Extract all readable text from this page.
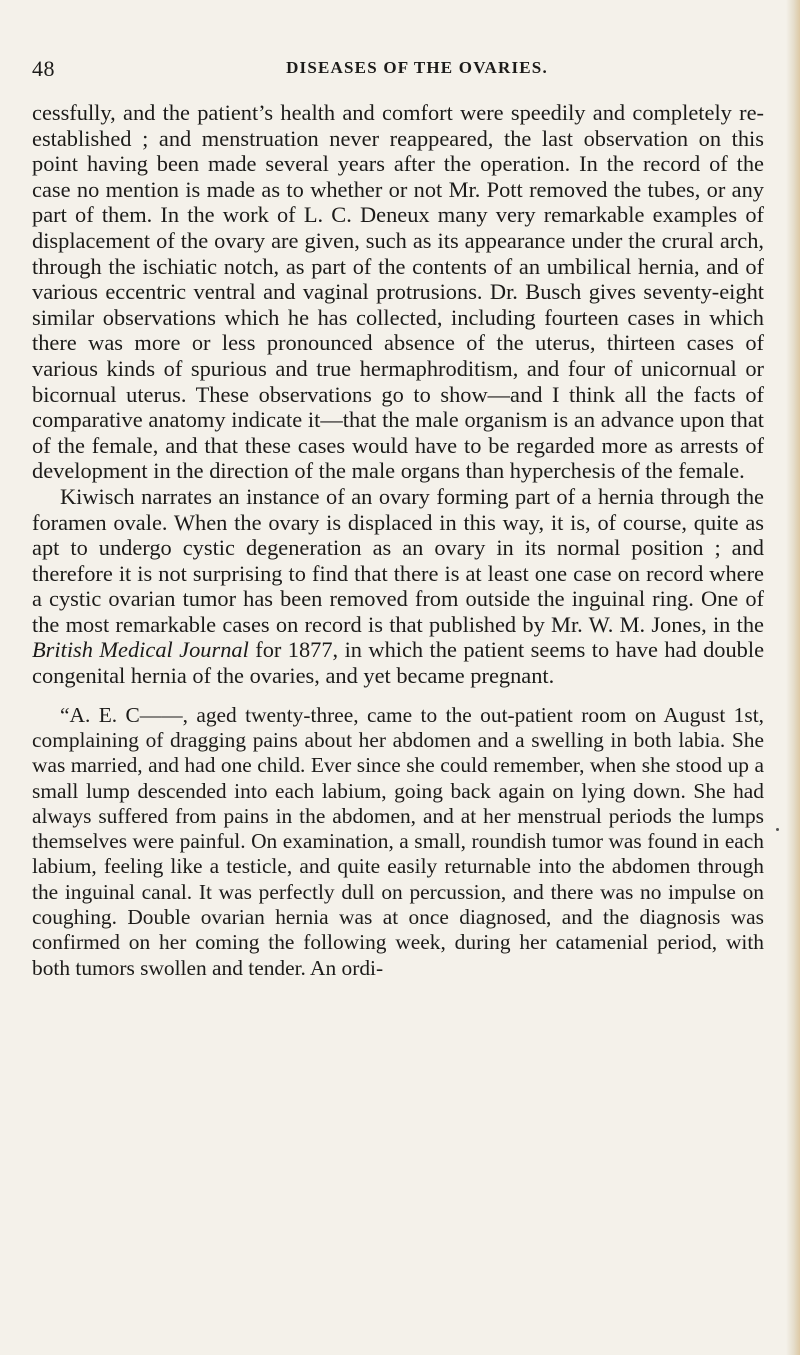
48	DISEASES OF THE OVARIES.

cessfully, and the patient’s health and comfort were speedily and completely re-established ; and menstruation never reappeared, the last observation on this point having been made several years after the operation. In the record of the case no mention is made as to whether or not Mr. Pott removed the tubes, or any part of them. In the work of L. C. Deneux many very remarkable examples of displacement of the ovary are given, such as its appearance under the crural arch, through the ischiatic notch, as part of the contents of an umbilical hernia, and of various eccentric ventral and vaginal protrusions. Dr. Busch gives seventy-eight similar observations which he has collected, including fourteen cases in which there was more or less pronounced absence of the uterus, thirteen cases of various kinds of spurious and true hermaphroditism, and four of unicornual or bicornual uterus. These observations go to show—and I think all the facts of comparative anatomy indicate it—that the male organism is an advance upon that of the female, and that these cases would have to be regarded more as arrests of development in the direction of the male organs than hyperchesis of the female.

Kiwisch narrates an instance of an ovary forming part of a hernia through the foramen ovale. When the ovary is displaced in this way, it is, of course, quite as apt to undergo cystic degeneration as an ovary in its normal position ; and therefore it is not surprising to find that there is at least one case on record where a cystic ovarian tumor has been removed from outside the inguinal ring. One of the most remarkable cases on record is that published by Mr. W. M. Jones, in the British Medical Journal for 1877, in which the patient seems to have had double congenital hernia of the ovaries, and yet became pregnant.

“A. E. C——, aged twenty-three, came to the out-patient room on August 1st, complaining of dragging pains about her abdomen and a swelling in both labia. She was married, and had one child. Ever since she could remember, when she stood up a small lump descended into each labium, going back again on lying down. She had always suffered from pains in the abdomen, and at her menstrual periods the lumps themselves were painful. On examination, a small, roundish tumor was found in each labium, feeling like a testicle, and quite easily returnable into the abdomen through the inguinal canal. It was perfectly dull on percussion, and there was no impulse on coughing. Double ovarian hernia was at once diagnosed, and the diagnosis was confirmed on her coming the following week, during her catamenial period, with both tumors swollen and tender. An ordi-
